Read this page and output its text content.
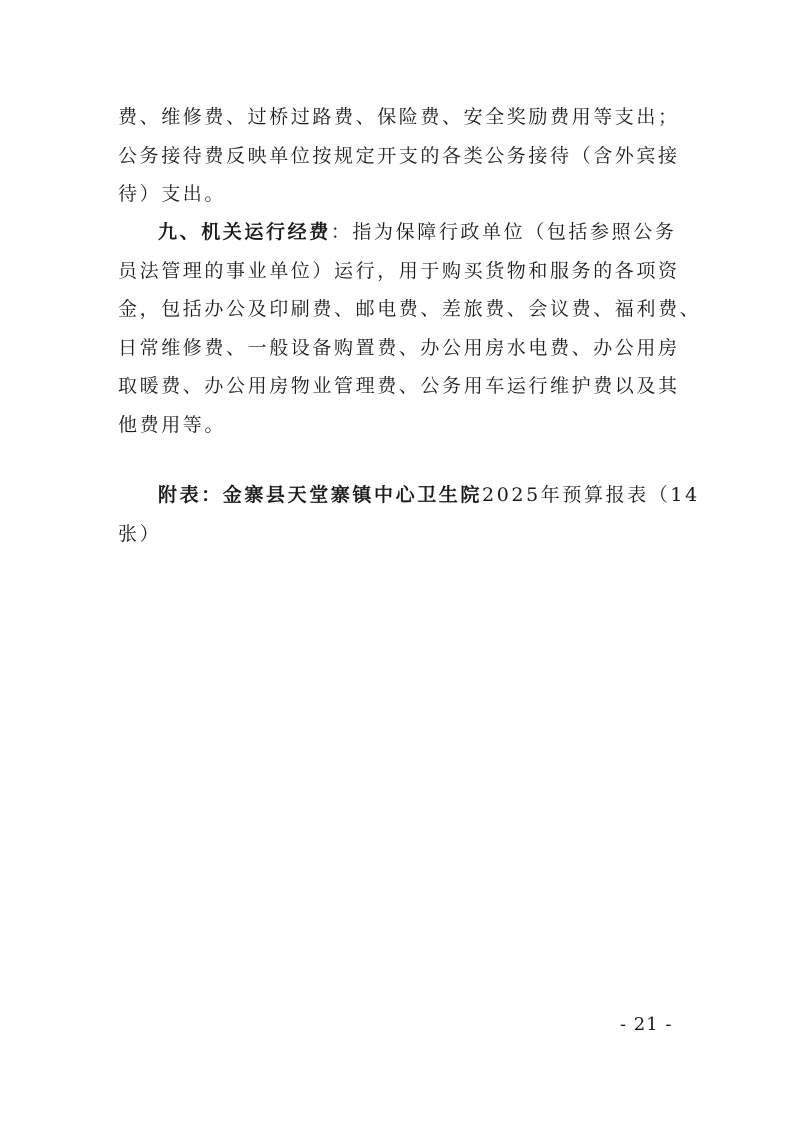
费、维修费、过桥过路费、保险费、安全奖励费用等支出；
公务接待费反映单位按规定开支的各类公务接待（含外宾接
待）支出。
九、机关运行经费：指为保障行政单位（包括参照公务
员法管理的事业单位）运行，用于购买货物和服务的各项资
金，包括办公及印刷费、邮电费、差旅费、会议费、福利费、
日常维修费、一般设备购置费、办公用房水电费、办公用房
取暖费、办公用房物业管理费、公务用车运行维护费以及其
他费用等。
附表：金寨县天堂寨镇中心卫生院2025年预算报表（14
张）
- 21 -
